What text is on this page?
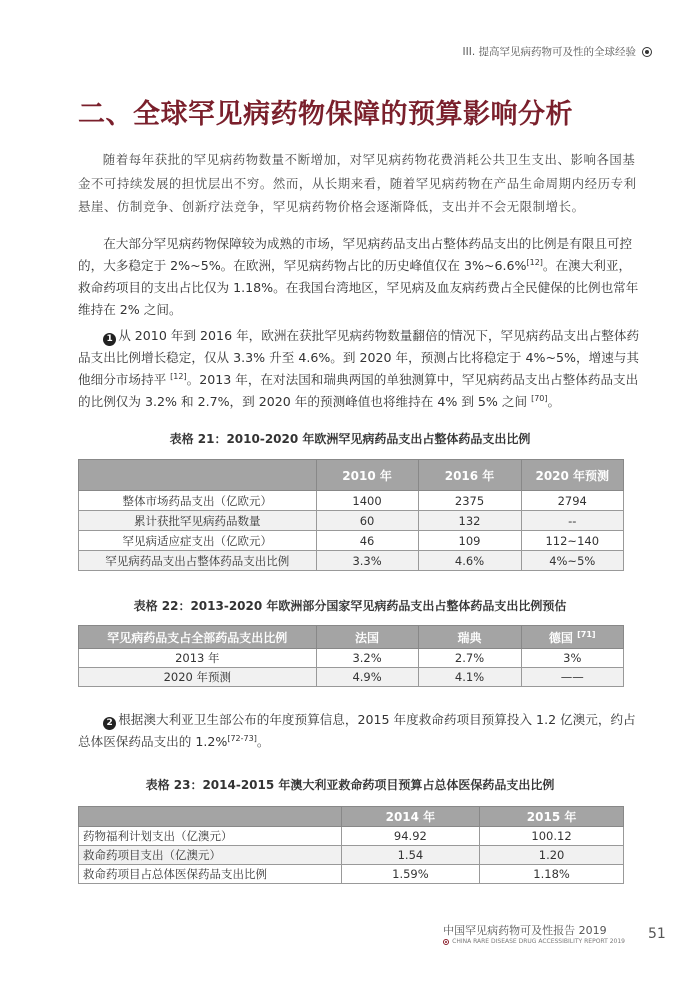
III. 提高罕见病药物可及性的全球经验
二、全球罕见病药物保障的预算影响分析
随着每年获批的罕见病药物数量不断增加，对罕见病药物花费消耗公共卫生支出、影响各国基金不可持续发展的担忧层出不穷。然而，从长期来看，随着罕见病药物在产品生命周期内经历专利悬崖、仿制竞争、创新疗法竞争，罕见病药物价格会逐渐降低，支出并不会无限制增长。
在大部分罕见病药物保障较为成熟的市场，罕见病药品支出占整体药品支出的比例是有限且可控的，大多稳定于 2%~5%。在欧洲，罕见病药物占比的历史峰值仅在 3%~6.6%[12]。在澳大利亚，救命药项目的支出占比仅为 1.18%。在我国台湾地区，罕见病及血友病药费占全民健保的比例也常年维持在 2% 之间。
1 从 2010 年到 2016 年，欧洲在获批罕见病药物数量翻倍的情况下，罕见病药品支出占整体药品支出比例增长稳定，仅从 3.3% 升至 4.6%。到 2020 年，预测占比将稳定于 4%~5%，增速与其他细分市场持平 [12]。2013 年，在对法国和瑞典两国的单独测算中，罕见病药品支出占整体药品支出的比例仅为 3.2% 和 2.7%，到 2020 年的预测峰值也将维持在 4% 到 5% 之间 [70]。
表格 21：2010-2020 年欧洲罕见病药品支出占整体药品支出比例
	2010 年	2016 年	2020 年预测
整体市场药品支出（亿欧元）	1400	2375	2794
累计获批罕见病药品数量	60	132	--
罕见病适应症支出（亿欧元）	46	109	112~140
罕见病药品支出占整体药品支出比例	3.3%	4.6%	4%~5%
表格 22：2013-2020 年欧洲部分国家罕见病药品支出占整体药品支出比例预估
罕见病药品支占全部药品支出比例	法国	瑞典	德国 [71]
2013 年	3.2%	2.7%	3%
2020 年预测	4.9%	4.1%	——
2 根据澳大利亚卫生部公布的年度预算信息，2015 年度救命药项目预算投入 1.2 亿澳元，约占总体医保药品支出的 1.2%[72-73]。
表格 23：2014-2015 年澳大利亚救命药项目预算占总体医保药品支出比例
	2014 年	2015 年
药物福利计划支出（亿澳元）	94.92	100.12
救命药项目支出（亿澳元）	1.54	1.20
救命药项目占总体医保药品支出比例	1.59%	1.18%
中国罕见病药物可及性报告 2019
CHINA RARE DISEASE DRUG ACCESSIBILITY REPORT 2019 51
